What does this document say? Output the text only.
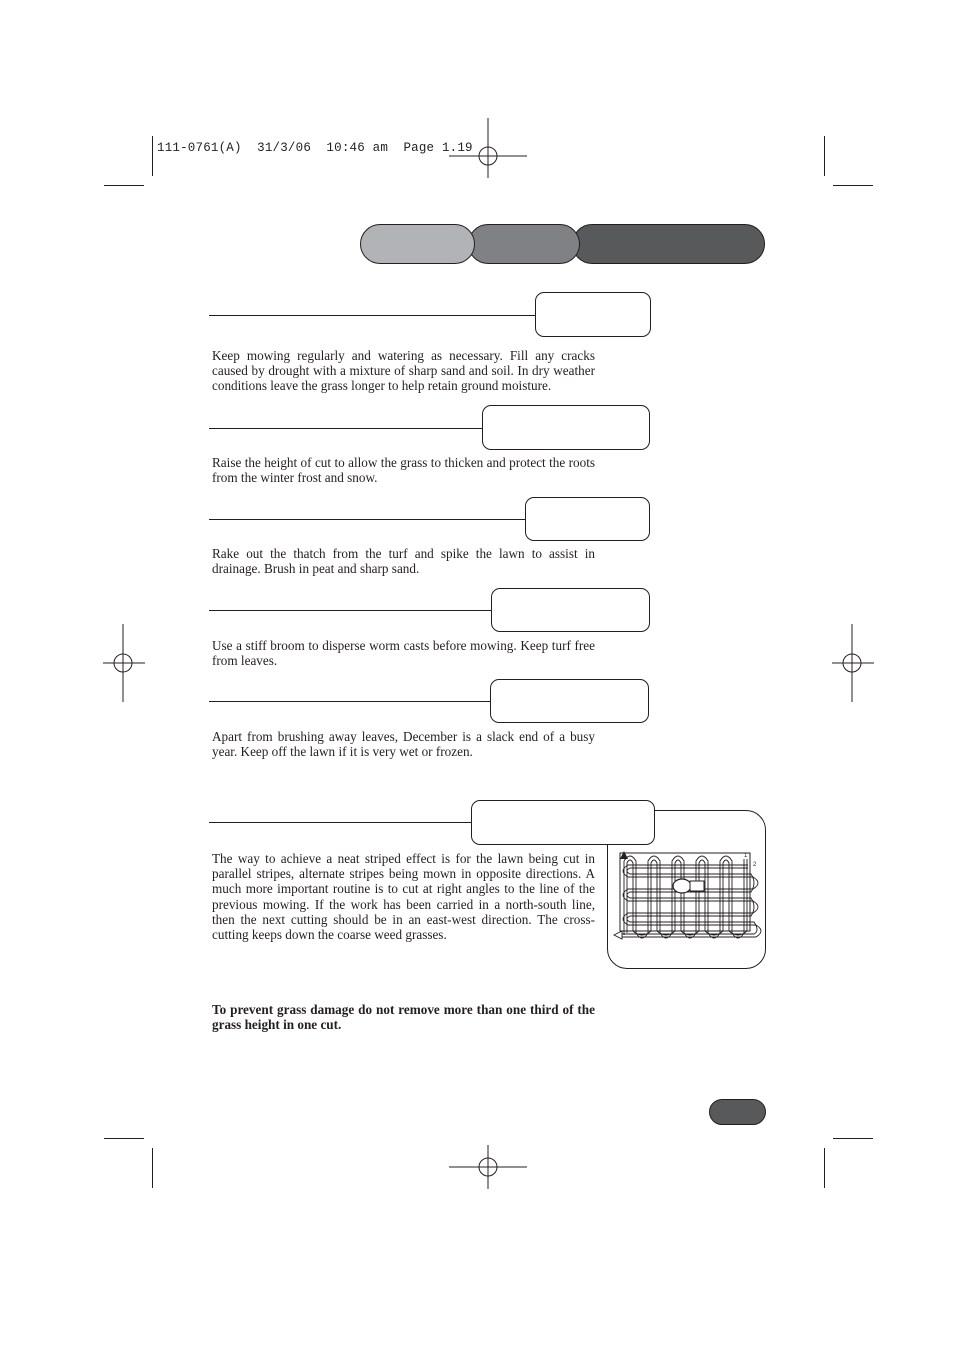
111-0761(A)  31/3/06  10:46 am  Page 1.19
Keep mowing regularly and watering as necessary. Fill any cracks caused by drought with a mixture of sharp sand and soil. In dry weather conditions leave the grass longer to help retain ground moisture.
Raise the height of cut to allow the grass to thicken and protect the roots from the winter frost and snow.
Rake out the thatch from the turf and spike the lawn to assist in drainage. Brush in peat and sharp sand.
Use a stiff broom to disperse worm casts before mowing. Keep turf free from leaves.
Apart from brushing away leaves, December is a slack end of a busy year. Keep off the lawn if it is very wet or frozen.
The way to achieve a neat striped effect is for the lawn being cut in parallel stripes, alternate stripes being mown in opposite directions. A much more important routine is to cut at right angles to the line of the previous mowing. If the work has been carried in a north-south line, then the next cutting should be in an east-west direction. The cross-cutting keeps down the coarse weed grasses.
1
2
To prevent grass damage do not remove more than one third of the grass height in one cut.
